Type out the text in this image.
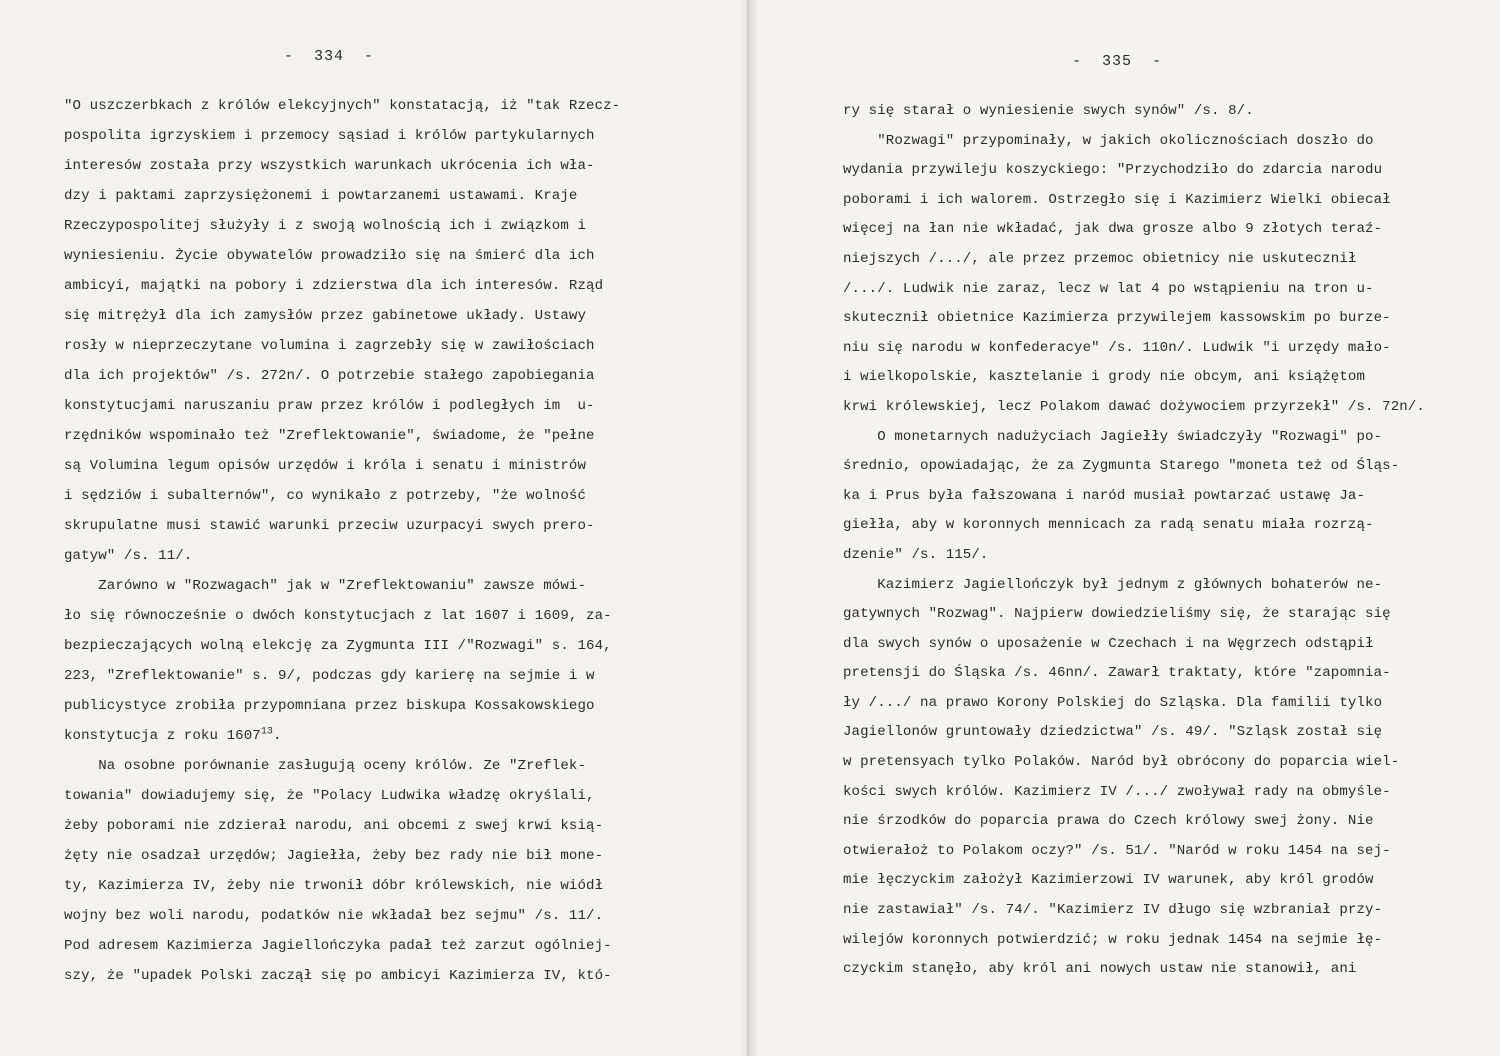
-  334  -
"O uszczerbkach z królów elekcyjnych" konstatacją, iż "tak Rzecz-
pospolita igrzyskiem i przemocy sąsiad i królów partykularnych
interesów została przy wszystkich warunkach ukrócenia ich wła-
dzy i paktami zaprzysiężonemi i powtarzanemi ustawami. Kraje
Rzeczypospolitej służyły i z swoją wolnością ich i związkom i
wyniesieniu. Życie obywatelów prowadziło się na śmierć dla ich
ambicyi, majątki na pobory i zdzierstwa dla ich interesów. Rząd
się mitrężył dla ich zamysłów przez gabinetowe układy. Ustawy
rosły w nieprzeczytane volumina i zagrzebły się w zawiłościach
dla ich projektów" /s. 272n/. O potrzebie stałego zapobiegania
konstytucjami naruszaniu praw przez królów i podległych im  u-
rzędników wspominało też "Zreflektowanie", świadome, że "pełne
są Volumina legum opisów urzędów i króla i senatu i ministrów
i sędziów i subalternów", co wynikało z potrzeby, "że wolność
skrupulatne musi stawić warunki przeciw uzurpacyi swych prero-
gatyw" /s. 11/.
Zarówno w "Rozwagach" jak w "Zreflektowaniu" zawsze mówi-
ło się równocześnie o dwóch konstytucjach z lat 1607 i 1609, za-
bezpieczających wolną elekcję za Zygmunta III /"Rozwagi" s. 164,
223, "Zreflektowanie" s. 9/, podczas gdy karierę na sejmie i w
publicystyce zrobiła przypomniana przez biskupa Kossakowskiego
konstytucja z roku 1607$^{13}$.
Na osobne porównanie zasługują oceny królów. Ze "Zreflek-
towania" dowiadujemy się, że "Polacy Ludwika władzę okryślali,
żeby poborami nie zdzierał narodu, ani obcemi z swej krwi ksią-
żęty nie osadzał urzędów; Jagiełła, żeby bez rady nie bił mone-
ty, Kazimierza IV, żeby nie trwonił dóbr królewskich, nie wiódł
wojny bez woli narodu, podatków nie wkładał bez sejmu" /s. 11/.
Pod adresem Kazimierza Jagiellończyka padał też zarzut ogólniej-
szy, że "upadek Polski zaczął się po ambicyi Kazimierza IV, któ-
-  335  -
ry się starał o wyniesienie swych synów" /s. 8/.
"Rozwagi" przypominały, w jakich okolicznościach doszło do
wydania przywileju koszyckiego: "Przychodziło do zdarcia narodu
poborami i ich walorem. Ostrzegło się i Kazimierz Wielki obiecał
więcej na łan nie wkładać, jak dwa grosze albo 9 złotych teraź-
niejszych /.../, ale przez przemoc obietnicy nie uskutecznił
/.../. Ludwik nie zaraz, lecz w lat 4 po wstąpieniu na tron u-
skutecznił obietnice Kazimierza przywilejem kassowskim po burze-
niu się narodu w konfederacye" /s. 110n/. Ludwik "i urzędy mało-
i wielkopolskie, kasztelanie i grody nie obcym, ani książętom
krwi królewskiej, lecz Polakom dawać dożywociem przyrzekł" /s. 72n/.
O monetarnych nadużyciach Jagiełły świadczyły "Rozwagi" po-
średnio, opowiadając, że za Zygmunta Starego "moneta też od Śląs-
ka i Prus była fałszowana i naród musiał powtarzać ustawę Ja-
giełła, aby w koronnych mennicach za radą senatu miała rozrzą-
dzenie" /s. 115/.
Kazimierz Jagiellończyk był jednym z głównych bohaterów ne-
gatywnych "Rozwag". Najpierw dowiedzieliśmy się, że starając się
dla swych synów o uposażenie w Czechach i na Węgrzech odstąpił
pretensji do Śląska /s. 46nn/. Zawarł traktaty, które "zapomnia-
ły /.../ na prawo Korony Polskiej do Szląska. Dla familii tylko
Jagiellonów gruntowały dziedzictwa" /s. 49/. "Szląsk został się
w pretensyach tylko Polaków. Naród był obrócony do poparcia wiel-
kości swych królów. Kazimierz IV /.../ zwoływał rady na obmyśle-
nie śrzodków do poparcia prawa do Czech królowy swej żony. Nie
otwierałoż to Polakom oczy?" /s. 51/. "Naród w roku 1454 na sej-
mie łęczyckim założył Kazimierzowi IV warunek, aby król grodów
nie zastawiał" /s. 74/. "Kazimierz IV długo się wzbraniał przy-
wilejów koronnych potwierdzić; w roku jednak 1454 na sejmie łę-
czyckim stanęło, aby król ani nowych ustaw nie stanowił, ani
